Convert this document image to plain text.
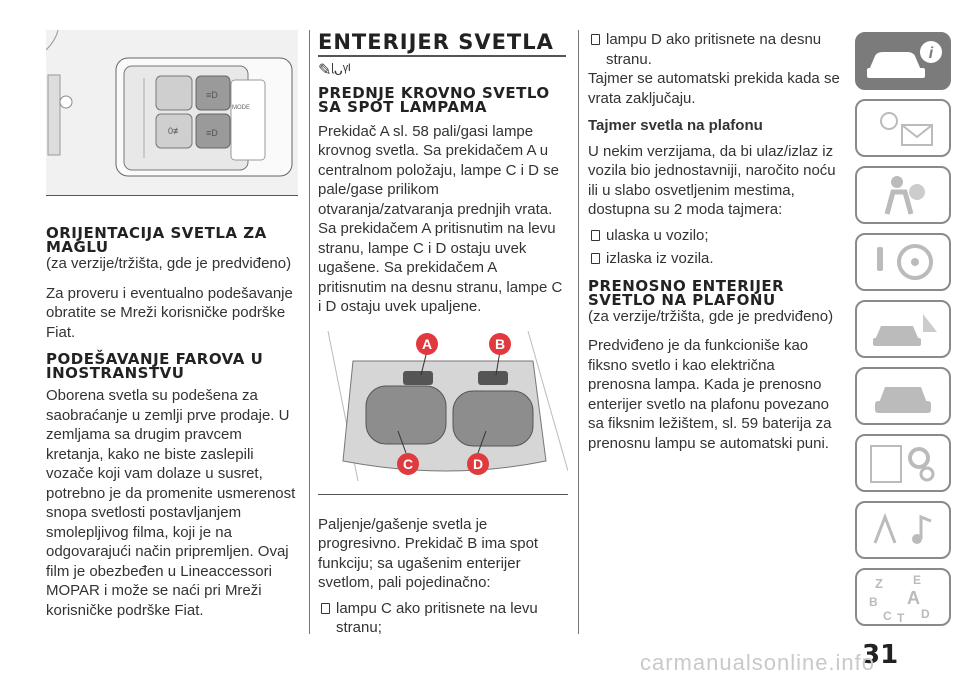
MODE
≡D
≡D
0≢
ORIJENTACIJA SVETLA ZA MAGLU

(za verzije/tržišta, gde je predviđeno)

Za proveru i eventualno podešavanje obratite se Mreži korisničke podrške Fiat.

PODEŠAVANJE FAROVA U INOSTRANSTVU

Oborena svetla su podešena za saobraćanje u zemlji prve prodaje. U zemljama sa drugim pravcem kretanja, kako ne biste zaslepili vozače koji vam dolaze u susret, potrebno je da promenite usmerenost snopa svetlosti postavljanjem smolepljivog filma, koji je na odgovarajući način pripremljen. Ovaj film je obezbeđen u Lineaccessori MOPAR i može se naći pri Mreži korisničke podrške Fiat.

ENTERIJER SVETLA
✎ᶩᴗᵞᴵ
PREDNJE KROVNO SVETLO SA SPOT LAMPAMA

Prekidač A sl. 58 pali/gasi lampe krovnog svetla. Sa prekidačem A u centralnom položaju, lampe C i D se pale/gase prilikom otvaranja/zatvaranja prednjih vrata. Sa prekidačem A pritisnutim na levu stranu, lampe C i D ostaju uvek ugašene. Sa prekidačem A pritisnutim na desnu stranu, lampe C i D ostaju uvek upaljene.

A	B
C	D

Paljenje/gašenje svetla je progresivno. Prekidač B ima spot funkciju; sa ugašenim enterijer svetlom, pali pojedinačno:

lampu C ako pritisnete na levu stranu;
lampu D ako pritisnete na desnu stranu.

Tajmer se automatski prekida kada se vrata zaključaju.

Tajmer svetla na plafonu

U nekim verzijama, da bi ulaz/izlaz iz vozila bio jednostavniji, naročito noću ili u slabo osvetljenim mestima, dostupna su 2 moda tajmera:

ulaska u vozilo;
izlaska iz vozila.
PRENOSNO ENTERIJER SVETLO NA PLAFONU

(za verzije/tržišta, gde je predviđeno)

Predviđeno je da funkcioniše kao fiksno svetlo i kao električna prenosna lampa. Kada je prenosno enterijer svetlo na plafonu povezano sa fiksnim ležištem, sl. 59 baterija za prenosnu lampu se automatski puni.

i
Z	E
B A
C T D
31
carmanualsonline.info
